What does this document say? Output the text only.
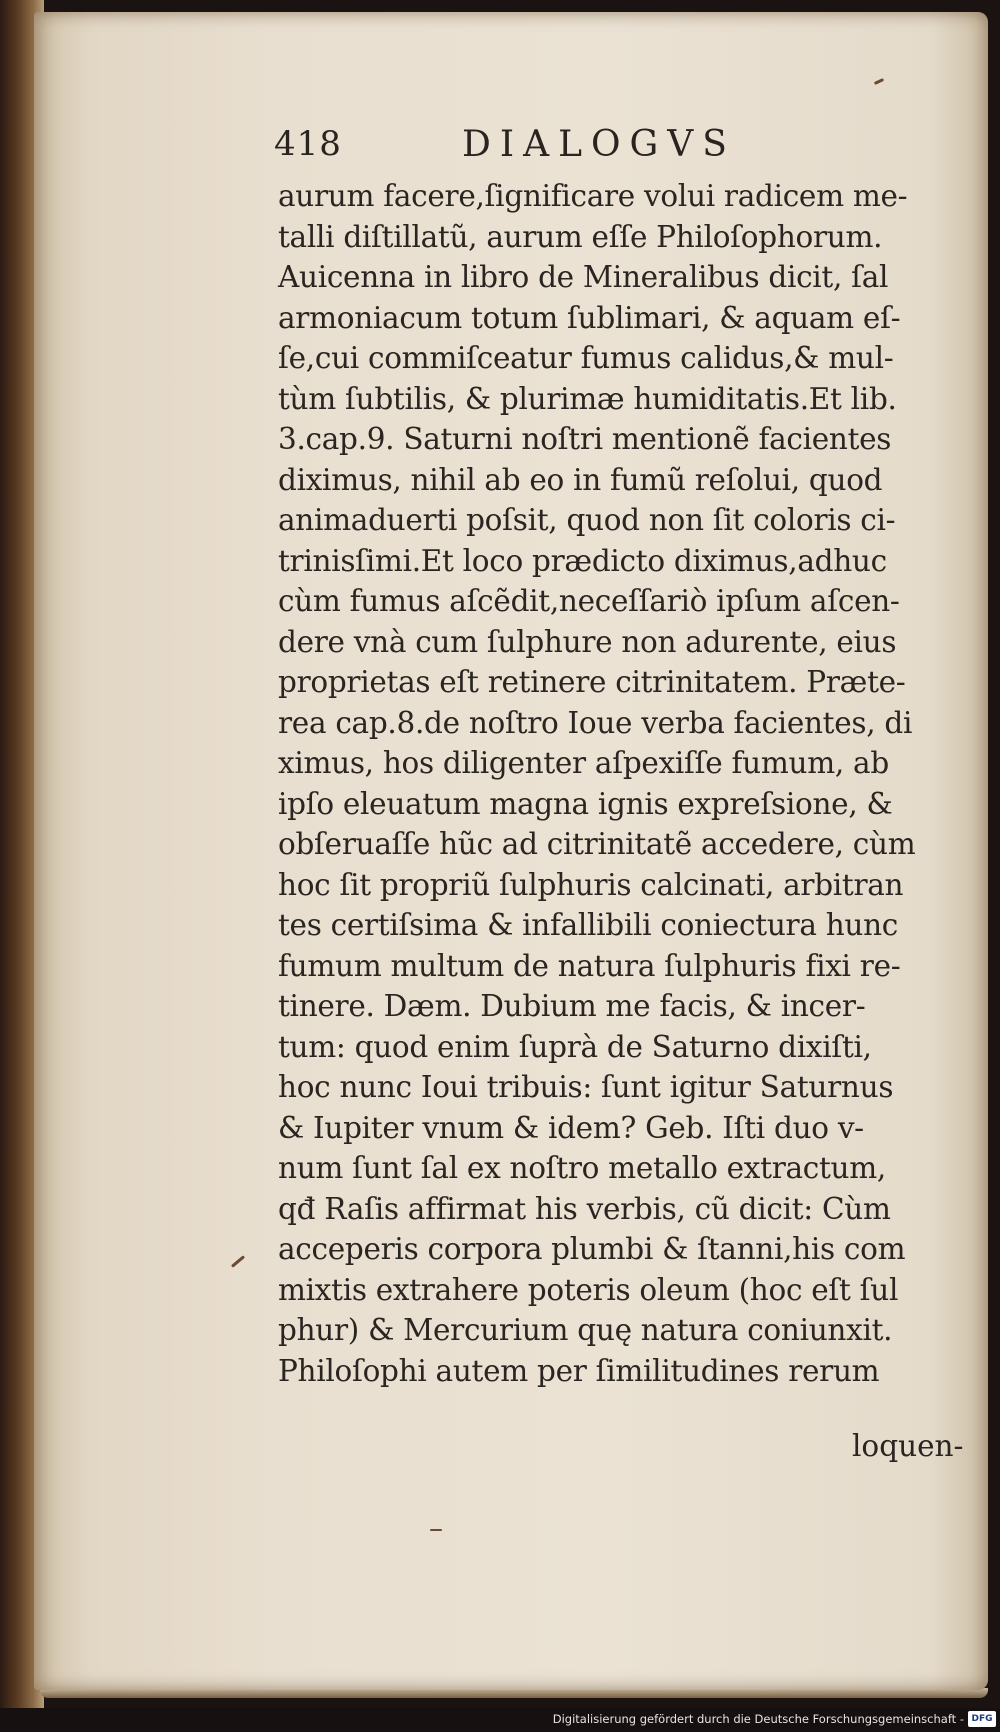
418	DIALOGVS
aurum facere,ſignificare volui radicem me-
talli diſtillatũ, aurum eſſe Philoſophorum.
Auicenna in libro de Mineralibus dicit, ſal
armoniacum totum ſublimari, & aquam eſ-
ſe,cui commiſceatur fumus calidus,& mul-
tùm ſubtilis, & plurimæ humiditatis.Et lib.
3.cap.9. Saturni noſtri mentionẽ facientes
diximus, nihil ab eo in fumũ reſolui, quod
animaduerti poſsit, quod non ſit coloris ci-
trinisſimi.Et loco prædicto diximus,adhuc
cùm fumus aſcẽdit,neceſſariò ipſum aſcen-
dere vnà cum ſulphure non adurente, eius
proprietas eſt retinere citrinitatem. Præte-
rea cap.8.de noſtro Ioue verba facientes, di
ximus, hos diligenter aſpexiſſe fumum, ab
ipſo eleuatum magna ignis expreſsione, &
obſeruaſſe hũc ad citrinitatẽ accedere, cùm
hoc ſit propriũ ſulphuris calcinati, arbitran
tes certiſsima & infallibili coniectura hunc
fumum multum de natura ſulphuris fixi re-
tinere. Dæm. Dubium me facis, & incer-
tum: quod enim ſuprà de Saturno dixiſti,
hoc nunc Ioui tribuis: ſunt igitur Saturnus
& Iupiter vnum & idem? Geb. Iſti duo v-
num ſunt ſal ex noſtro metallo extractum,
qđ Raſis affirmat his verbis, cũ dicit: Cùm
acceperis corpora plumbi & ſtanni,his com
mixtis extrahere poteris oleum (hoc eſt ſul
phur) & Mercurium quę natura coniunxit.
Philoſophi autem per ſimilitudines rerum
loquen-
Digitalisierung gefördert durch die Deutsche Forschungsgemeinschaft - DFG
